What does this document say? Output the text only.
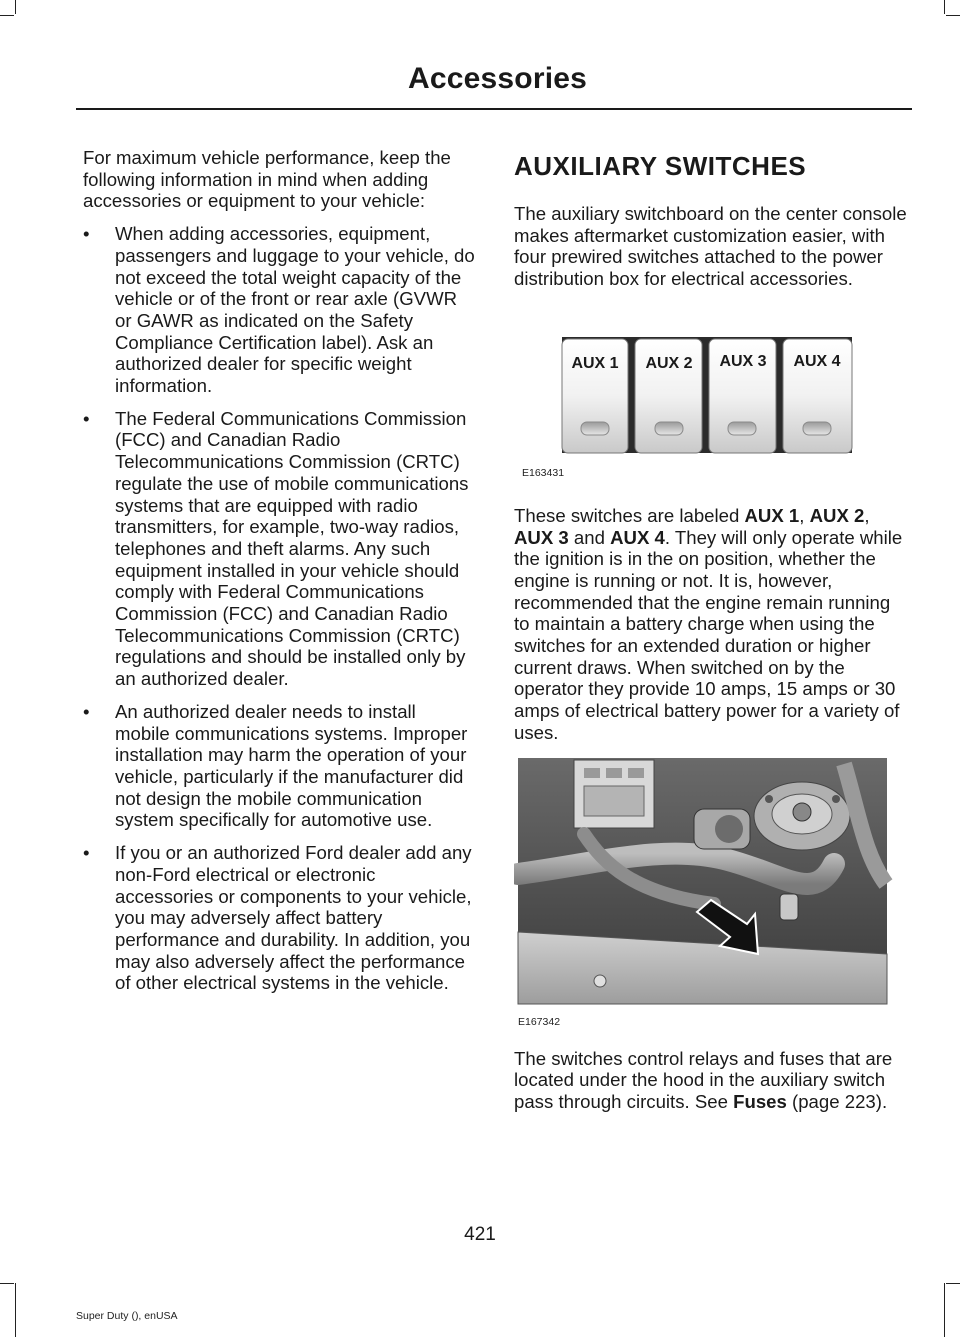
Accessories

For maximum vehicle performance, keep the following information in mind when adding accessories or equipment to your vehicle:

• When adding accessories, equipment, passengers and luggage to your vehicle, do not exceed the total weight capacity of the vehicle or of the front or rear axle (GVWR or GAWR as indicated on the Safety Compliance Certification label). Ask an authorized dealer for specific weight information.
• The Federal Communications Commission (FCC) and Canadian Radio Telecommunications Commission (CRTC) regulate the use of mobile communications systems that are equipped with radio transmitters, for example, two-way radios, telephones and theft alarms. Any such equipment installed in your vehicle should comply with Federal Communications Commission (FCC) and Canadian Radio Telecommunications Commission (CRTC) regulations and should be installed only by an authorized dealer.
• An authorized dealer needs to install mobile communications systems. Improper installation may harm the operation of your vehicle, particularly if the manufacturer did not design the mobile communication system specifically for automotive use.
• If you or an authorized Ford dealer add any non-Ford electrical or electronic accessories or components to your vehicle, you may adversely affect battery performance and durability. In addition, you may also adversely affect the performance of other electrical systems in the vehicle.
AUXILIARY SWITCHES

The auxiliary switchboard on the center console makes aftermarket customization easier, with four prewired switches attached to the power distribution box for electrical accessories.

AUX 1 AUX 2 AUX 3 AUX 4
E163431

These switches are labeled AUX 1, AUX 2, AUX 3 and AUX 4. They will only operate while the ignition is in the on position, whether the engine is running or not. It is, however, recommended that the engine remain running to maintain a battery charge when using the switches for an extended duration or higher current draws. When switched on by the operator they provide 10 amps, 15 amps or 30 amps of electrical battery power for a variety of uses.

E167342

The switches control relays and fuses that are located under the hood in the auxiliary switch pass through circuits. See Fuses (page 223).

421
Super Duty (), enUSA
